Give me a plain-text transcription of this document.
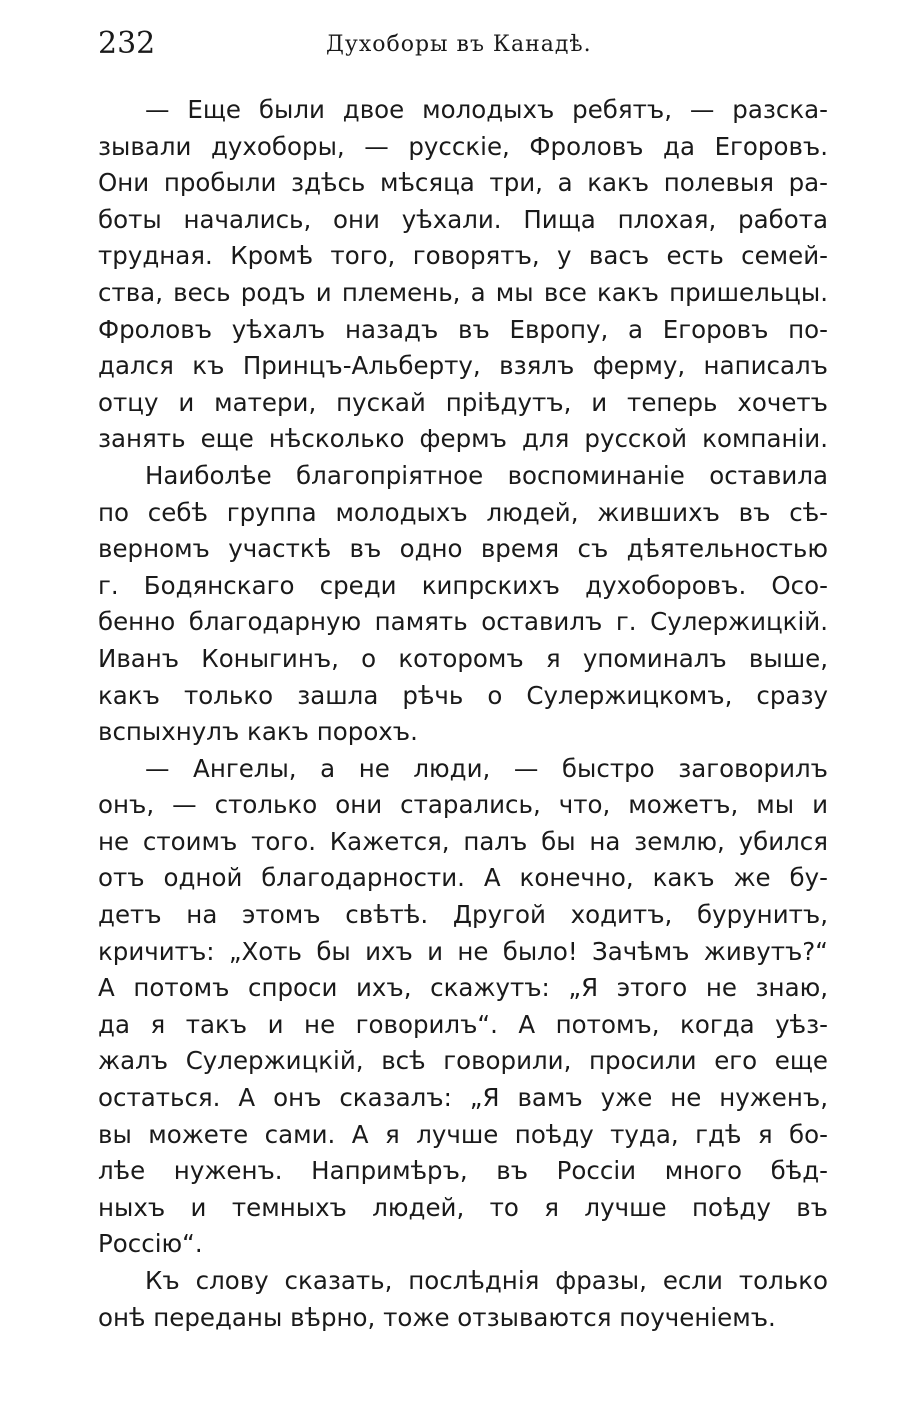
232	Духоборы въ Канадѣ.
— Еще были двое молодыхъ ребятъ, — разска-
зывали духоборы, — русскіе, Фроловъ да Егоровъ.
Они пробыли здѣсь мѣсяца три, а какъ полевыя ра-
боты начались, они уѣхали. Пища плохая, работа
трудная. Кромѣ того, говорятъ, у васъ есть семей-
ства, весь родъ и племень, а мы все какъ пришельцы.
Фроловъ уѣхалъ назадъ въ Европу, а Егоровъ по-
дался къ Принцъ-Альберту, взялъ ферму, написалъ
отцу и матери, пускай пріѣдутъ, и теперь хочетъ
занять еще нѣсколько фермъ для русской компаніи.
Наиболѣе благопріятное воспоминаніе оставила
по себѣ группа молодыхъ людей, жившихъ въ сѣ-
верномъ участкѣ въ одно время съ дѣятельностью
г. Бодянскаго среди кипрскихъ духоборовъ. Осо-
бенно благодарную память оставилъ г. Сулержицкій.
Иванъ Коныгинъ, о которомъ я упоминалъ выше,
какъ только зашла рѣчь о Сулержицкомъ, сразу
вспыхнулъ какъ порохъ.
— Ангелы, а не люди, — быстро заговорилъ
онъ, — столько они старались, что, можетъ, мы и
не стоимъ того. Кажется, палъ бы на землю, убился
отъ одной благодарности. А конечно, какъ же бу-
детъ на этомъ свѣтѣ. Другой ходитъ, бурунитъ,
кричитъ: „Хоть бы ихъ и не было! Зачѣмъ живутъ?“
А потомъ спроси ихъ, скажутъ: „Я этого не знаю,
да я такъ и не говорилъ“. А потомъ, когда уѣз-
жалъ Сулержицкій, всѣ говорили, просили его еще
остаться. А онъ сказалъ: „Я вамъ уже не нуженъ,
вы можете сами. А я лучше поѣду туда, гдѣ я бо-
лѣе нуженъ. Напримѣръ, въ Россіи много бѣд-
ныхъ и темныхъ людей, то я лучше поѣду въ
Россію“.
Къ слову сказать, послѣднія фразы, если только
онѣ переданы вѣрно, тоже отзываются поученіемъ.
